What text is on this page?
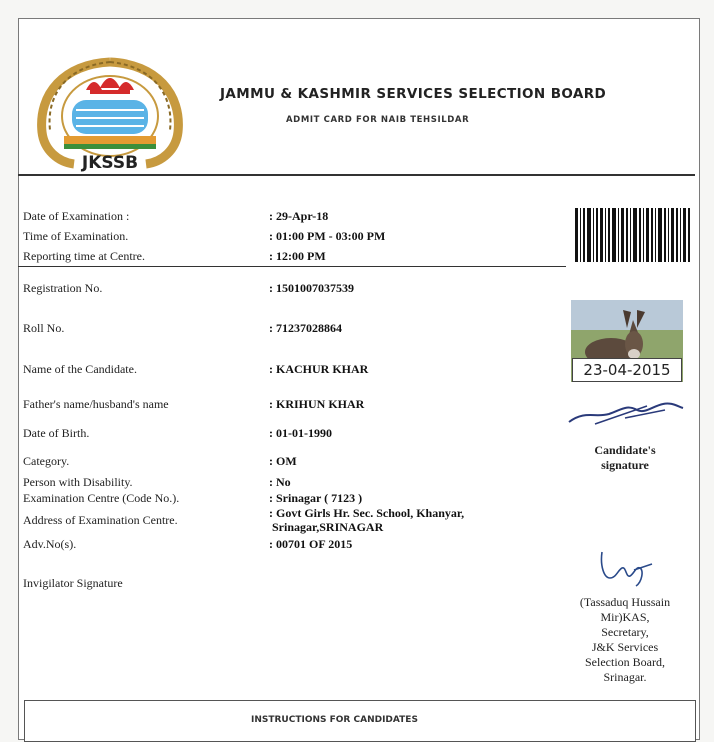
JKSSB
JAMMU & KASHMIR SERVICES SELECTION BOARD
ADMIT CARD FOR NAIB TEHSILDAR
Date of Examination :	: 29-Apr-18
Time of Examination.	: 01:00 PM - 03:00 PM
Reporting time at Centre.	: 12:00 PM
Registration No.	: 1501007037539
Roll No.	: 71237028864
Name of the Candidate.	: KACHUR KHAR
Father's name/husband's name	: KRIHUN KHAR
Date of Birth.	: 01-01-1990
Category.	: OM
Person with Disability.	: No
Examination Centre (Code No.).	: Srinagar ( 7123 )
Address of Examination Centre.	: Govt Girls Hr. Sec. School, Khanyar,
Srinagar,SRINAGAR
Adv.No(s).	: 00701 OF 2015
Invigilator Signature
23-04-2015
Candidate's
signature
(Tassaduq Hussain
Mir)KAS,
Secretary,
J&K Services
Selection Board,
Srinagar.
INSTRUCTIONS FOR CANDIDATES
